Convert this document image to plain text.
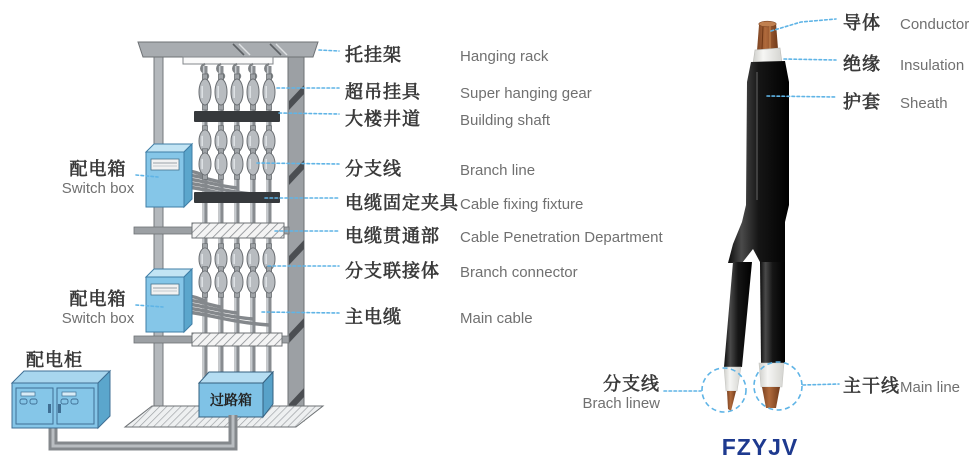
过路箱
托挂架	Hanging rack
超吊挂具	Super hanging gear
大楼井道	Building shaft
分支线	Branch line
电缆固定夹具 Cable fixing fixture
电缆贯通部	Cable Penetration Department
分支联接体	Branch connector
主电缆	Main cable
配电箱
Switch box
配电箱
Switch box
配电柜
导体	Conductor
绝缘	Insulation
护套	Sheath
分支线
Brach linew
主干线 Main line
FZYJV
